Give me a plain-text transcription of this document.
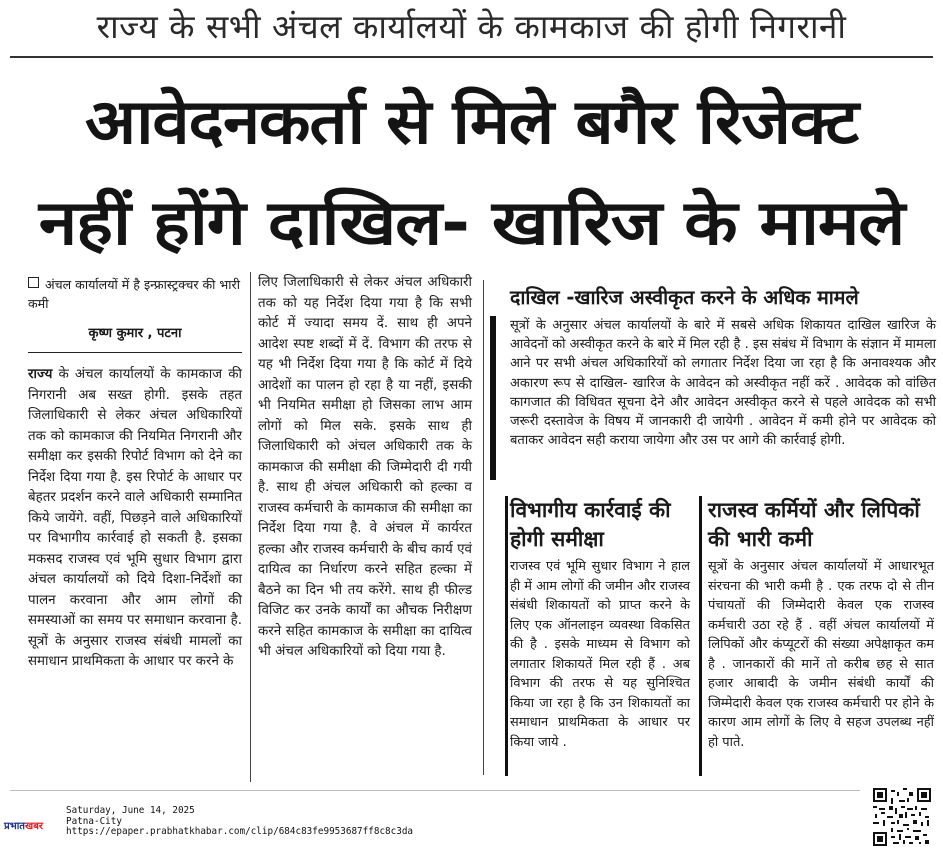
राज्य के सभी अंचल कार्यालयों के कामकाज की होगी निगरानी
आवेदनकर्ता से मिले बगैर रिजेक्ट
नहीं होंगे दाखिल- खारिज के मामले
अंचल कार्यालयों में है इन्फ्रास्ट्रक्चर की भारी कमी
कृष्ण कुमार , पटना
राज्य के अंचल कार्यालयों के कामकाज की निगरानी अब सख्त होगी. इसके तहत जिलाधिकारी से लेकर अंचल अधिकारियों तक को कामकाज की नियमित निगरानी और समीक्षा कर इसकी रिपोर्ट विभाग को देने का निर्देश दिया गया है. इस रिपोर्ट के आधार पर बेहतर प्रदर्शन करने वाले अधिकारी सम्मानित किये जायेंगे. वहीं, पिछड़ने वाले अधिकारियों पर विभागीय कार्रवाई हो सकती है. इसका मकसद राजस्व एवं भूमि सुधार विभाग द्वारा अंचल कार्यालयों को दिये दिशा-निर्देशों का पालन करवाना और आम लोगों की समस्याओं का समय पर समाधान करवाना है. सूत्रों के अनुसार राजस्व संबंधी मामलों का समाधान प्राथमिकता के आधार पर करने के
लिए जिलाधिकारी से लेकर अंचल अधिकारी तक को यह निर्देश दिया गया है कि सभी कोर्ट में ज्यादा समय दें. साथ ही अपने आदेश स्पष्ट शब्दों में दें. विभाग की तरफ से यह भी निर्देश दिया गया है कि कोर्ट में दिये आदेशों का पालन हो रहा है या नहीं, इसकी भी नियमित समीक्षा हो जिसका लाभ आम लोगों को मिल सके. इसके साथ ही जिलाधिकारी को अंचल अधिकारी तक के कामकाज की समीक्षा की जिम्मेदारी दी गयी है. साथ ही अंचल अधिकारी को हल्का व राजस्व कर्मचारी के कामकाज की समीक्षा का निर्देश दिया गया है. वे अंचल में कार्यरत हल्का और राजस्व कर्मचारी के बीच कार्य एवं दायित्व का निर्धारण करने सहित हल्का में बैठने का दिन भी तय करेंगे. साथ ही फील्ड विजिट कर उनके कार्यों का औचक निरीक्षण करने सहित कामकाज के समीक्षा का दायित्व भी अंचल अधिकारियों को दिया गया है.
दाखिल -खारिज अस्वीकृत करने के अधिक मामले
सूत्रों के अनुसार अंचल कार्यालयों के बारे में सबसे अधिक शिकायत दाखिल खारिज के आवेदनों को अस्वीकृत करने के बारे में मिल रही है . इस संबंध में विभाग के संज्ञान में मामला आने पर सभी अंचल अधिकारियों को लगातार निर्देश दिया जा रहा है कि अनावश्यक और अकारण रूप से दाखिल- खारिज के आवेदन को अस्वीकृत नहीं करें . आवेदक को वांछित कागजात की विधिवत सूचना देने और आवेदन अस्वीकृत करने से पहले आवेदक को सभी जरूरी दस्तावेज के विषय में जानकारी दी जायेगी . आवेदन में कमी होने पर आवेदक को बताकर आवेदन सही कराया जायेगा और उस पर आगे की कार्रवाई होगी.
विभागीय कार्रवाई की होगी समीक्षा
राजस्व एवं भूमि सुधार विभाग ने हाल ही में आम लोगों की जमीन और राजस्व संबंधी शिकायतों को प्राप्त करने के लिए एक ऑनलाइन व्यवस्था विकसित की है . इसके माध्यम से विभाग को लगातार शिकायतें मिल रही हैं . अब विभाग की तरफ से यह सुनिश्चित किया जा रहा है कि उन शिकायतों का समाधान प्राथमिकता के आधार पर किया जाये .
राजस्व कर्मियों और लिपिकों की भारी कमी
सूत्रों के अनुसार अंचल कार्यालयों में आधारभूत संरचना की भारी कमी है . एक तरफ दो से तीन पंचायतों की जिम्मेदारी केवल एक राजस्व कर्मचारी उठा रहे हैं . वहीं अंचल कार्यालयों में लिपिकों और कंप्यूटरों की संख्या अपेक्षाकृत कम है . जानकारों की मानें तो करीब छह से सात हजार आबादी के जमीन संबंधी कार्यों की जिम्मेदारी केवल एक राजस्व कर्मचारी पर होने के कारण आम लोगों के लिए वे सहज उपलब्ध नहीं हो पाते.
प्रभातखबर
Saturday, June 14, 2025
Patna-City
https://epaper.prabhatkhabar.com/clip/684c83fe9953687ff8c8c3da
